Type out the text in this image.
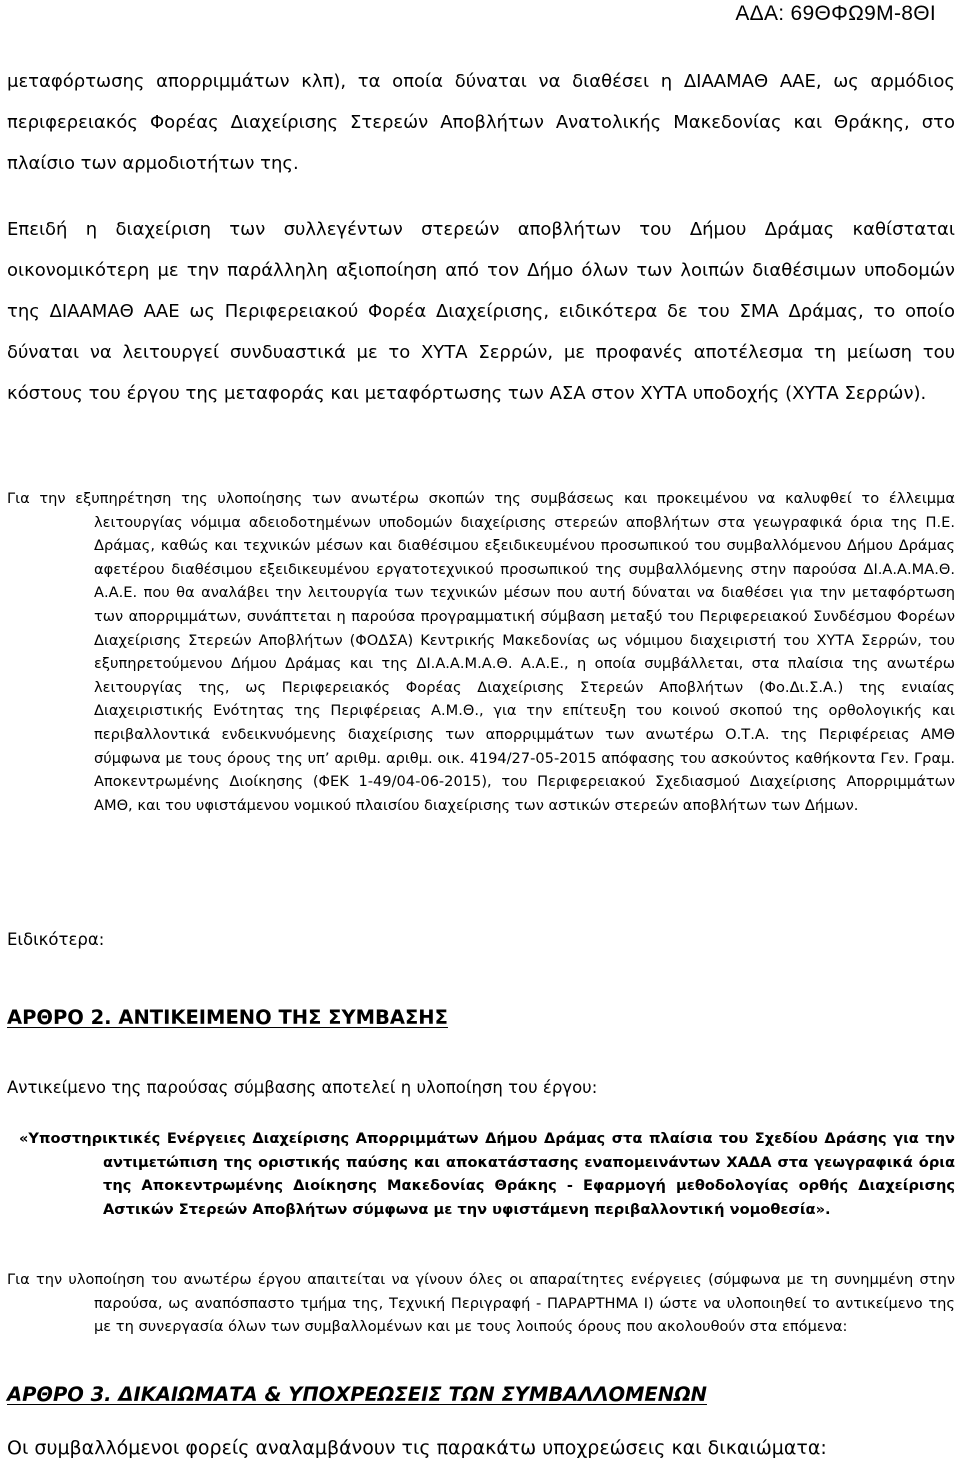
ΑΔΑ: 69ΘΦΩ9Μ-8ΘΙ

μεταφόρτωσης απορριμμάτων κλπ), τα οποία δύναται να διαθέσει η ΔΙΑΑΜΑΘ ΑΑΕ, ως αρμόδιος περιφερειακός Φορέας Διαχείρισης Στερεών Αποβλήτων Ανατολικής Μακεδονίας και Θράκης, στο πλαίσιο των αρμοδιοτήτων της.

Επειδή η διαχείριση των συλλεγέντων στερεών αποβλήτων του Δήμου Δράμας καθίσταται οικονομικότερη με την παράλληλη αξιοποίηση από τον Δήμο όλων των λοιπών διαθέσιμων υποδομών της ΔΙΑΑΜΑΘ ΑΑΕ ως Περιφερειακού Φορέα Διαχείρισης, ειδικότερα δε του ΣΜΑ Δράμας, το οποίο δύναται να λειτουργεί συνδυαστικά με το ΧΥΤΑ Σερρών, με προφανές αποτέλεσμα τη μείωση του κόστους του έργου της μεταφοράς και μεταφόρτωσης των ΑΣΑ στον ΧΥΤΑ υποδοχής (ΧΥΤΑ Σερρών).

Για την εξυπηρέτηση της υλοποίησης των ανωτέρω σκοπών της συμβάσεως και προκειμένου να καλυφθεί το έλλειμμα λειτουργίας νόμιμα αδειοδοτημένων υποδομών διαχείρισης στερεών αποβλήτων στα γεωγραφικά όρια της Π.Ε. Δράμας, καθώς και τεχνικών μέσων και διαθέσιμου εξειδικευμένου προσωπικού του συμβαλλόμενου Δήμου Δράμας αφετέρου διαθέσιμου εξειδικευμένου εργατοτεχνικού προσωπικού της συμβαλλόμενης στην παρούσα ΔΙ.Α.Α.ΜΑ.Θ. Α.Α.Ε. που θα αναλάβει την λειτουργία των τεχνικών μέσων που αυτή δύναται να διαθέσει για την μεταφόρτωση των απορριμμάτων, συνάπτεται η παρούσα προγραμματική σύμβαση μεταξύ του Περιφερειακού Συνδέσμου Φορέων Διαχείρισης Στερεών Αποβλήτων (ΦΟΔΣΑ) Κεντρικής Μακεδονίας ως νόμιμου διαχειριστή του ΧΥΤΑ Σερρών, του εξυπηρετούμενου Δήμου Δράμας και της ΔΙ.Α.Α.Μ.Α.Θ. Α.Α.Ε., η οποία συμβάλλεται, στα πλαίσια της ανωτέρω λειτουργίας της, ως Περιφερειακός Φορέας Διαχείρισης Στερεών Αποβλήτων (Φο.Δι.Σ.Α.) της ενιαίας Διαχειριστικής Ενότητας της Περιφέρειας Α.Μ.Θ., για την επίτευξη του κοινού σκοπού της ορθολογικής και περιβαλλοντικά ενδεικνυόμενης διαχείρισης των απορριμμάτων των ανωτέρω Ο.Τ.Α. της Περιφέρειας ΑΜΘ σύμφωνα με τους όρους της υπ’ αριθμ. αριθμ. οικ. 4194/27-05-2015 απόφασης του ασκούντος καθήκοντα Γεν. Γραμ. Αποκεντρωμένης Διοίκησης (ΦΕΚ 1-49/04-06-2015), του Περιφερειακού Σχεδιασμού Διαχείρισης Απορριμμάτων ΑΜΘ, και του υφιστάμενου νομικού πλαισίου διαχείρισης των αστικών στερεών αποβλήτων των Δήμων.

Ειδικότερα:

ΑΡΘΡΟ 2. ΑΝΤΙΚΕΙΜΕΝΟ ΤΗΣ ΣΥΜΒΑΣΗΣ

Αντικείμενο της παρούσας σύμβασης αποτελεί η υλοποίηση του έργου:

«Υποστηρικτικές Ενέργειες Διαχείρισης Απορριμμάτων Δήμου Δράμας στα πλαίσια του Σχεδίου Δράσης για την αντιμετώπιση της οριστικής παύσης και αποκατάστασης εναπομεινάντων ΧΑΔΑ στα γεωγραφικά όρια της Αποκεντρωμένης Διοίκησης Μακεδονίας Θράκης - Εφαρμογή μεθοδολογίας ορθής Διαχείρισης Αστικών Στερεών Αποβλήτων σύμφωνα με την υφιστάμενη περιβαλλοντική νομοθεσία».

Για την υλοποίηση του ανωτέρω έργου απαιτείται να γίνουν όλες οι απαραίτητες ενέργειες (σύμφωνα με τη συνημμένη στην παρούσα, ως αναπόσπαστο τμήμα της, Τεχνική Περιγραφή - ΠΑΡΑΡΤΗΜΑ Ι) ώστε να υλοποιηθεί το αντικείμενο της με τη συνεργασία όλων των συμβαλλομένων και με τους λοιπούς όρους που ακολουθούν στα επόμενα:

ΑΡΘΡΟ 3. ΔΙΚΑΙΩΜΑΤΑ & ΥΠΟΧΡΕΩΣΕΙΣ ΤΩΝ ΣΥΜΒΑΛΛΟΜΕΝΩΝ

Οι συμβαλλόμενοι φορείς αναλαμβάνουν τις παρακάτω υποχρεώσεις και δικαιώματα:
